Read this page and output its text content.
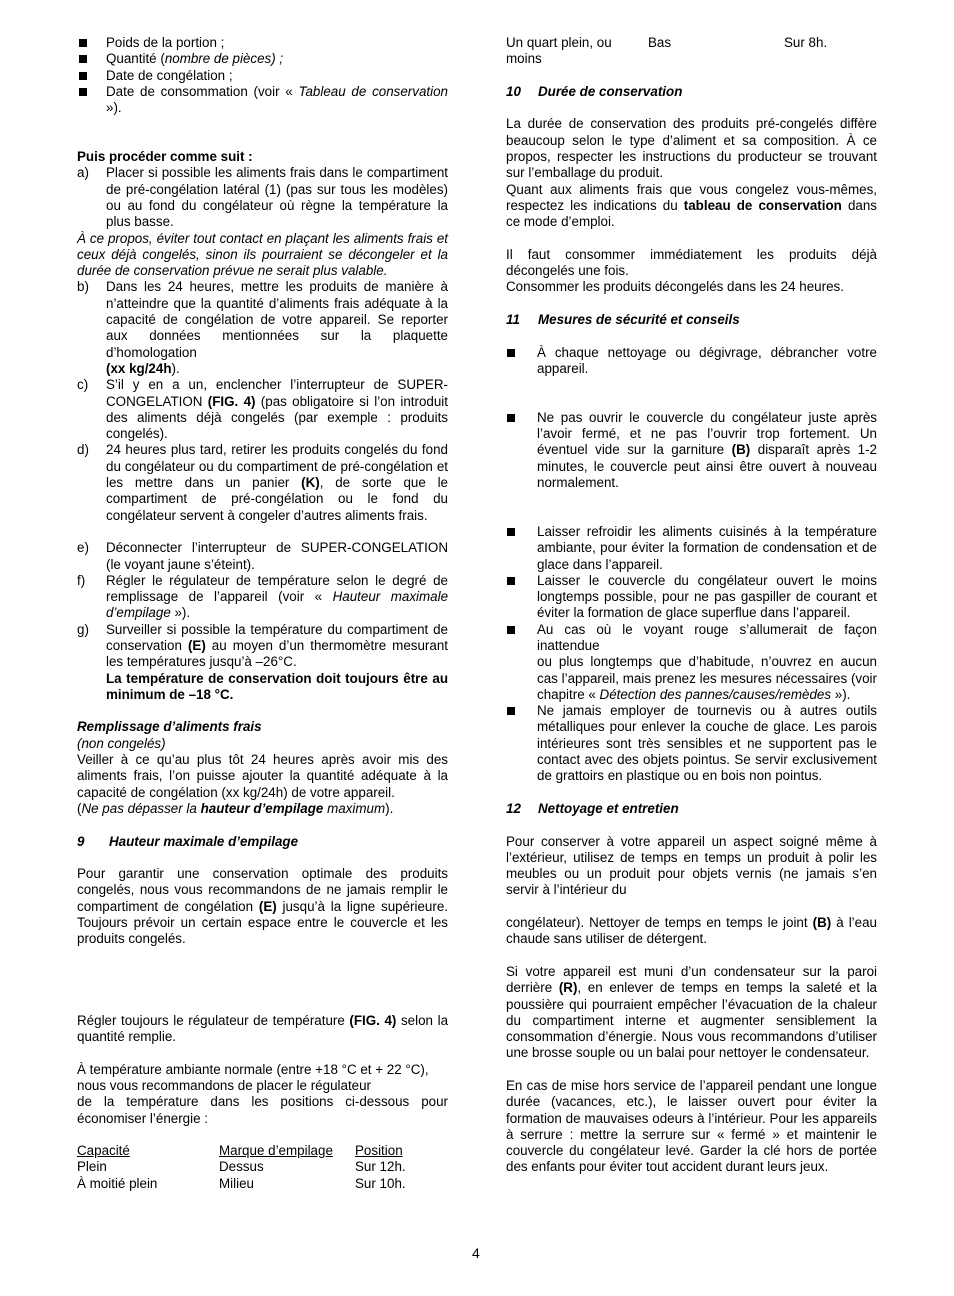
Poids de la portion ;
Quantité (nombre de pièces) ;
Date de congélation ;
Date de consommation (voir « Tableau de conservation »).

Puis procéder comme suit :

a) Placer si possible les aliments frais dans le compartiment de pré-congélation latéral (1) (pas sur tous les modèles) ou au fond du congélateur où règne la température la plus basse.

À ce propos, éviter tout contact en plaçant les aliments frais et ceux déjà congelés, sinon ils pourraient se décongeler et la durée de conservation prévue ne serait plus valable.

b) Dans les 24 heures, mettre les produits de manière à n’atteindre que la quantité d’aliments frais adéquate à la capacité de congélation de votre appareil. Se reporter aux données mentionnées sur la plaquette d’homologation
(xx kg/24h).
c) S’il y en a un, enclencher l’interrupteur de SUPER-CONGELATION (FIG. 4) (pas obligatoire si l’on introduit des aliments déjà congelés (par exemple : produits congelés).
d) 24 heures plus tard, retirer les produits congelés du fond du congélateur ou du compartiment de pré-congélation et les mettre dans un panier (K), de sorte que le compartiment de pré-congélation ou le fond du congélateur servent à congeler d’autres aliments frais.
e) Déconnecter l’interrupteur de SUPER-CONGELATION (le voyant jaune s’éteint).
f) Régler le régulateur de température selon le degré de remplissage de l’appareil (voir « Hauteur maximale d’empilage »).
g) Surveiller si possible la température du compartiment de conservation (E) au moyen d’un thermomètre mesurant les températures jusqu’à –26°C.
La température de conservation doit toujours être au minimum de –18 °C.

Remplissage d’aliments frais

(non congelés)

Veiller à ce qu’au plus tôt 24 heures après avoir mis des aliments frais, l’on puisse ajouter la quantité adéquate à la capacité de congélation (xx kg/24h) de votre appareil.

(Ne pas dépasser la hauteur d’empilage maximum).

9 Hauteur maximale d’empilage

Pour garantir une conservation optimale des produits congelés, nous vous recommandons de ne jamais remplir le compartiment de congélation (E) jusqu’à la ligne supérieure. Toujours prévoir un certain espace entre le couvercle et les produits congelés.

Régler toujours le régulateur de température (FIG. 4) selon la quantité remplie.

À température ambiante normale (entre +18 °C et + 22 °C), nous vous recommandons de placer le régulateur

de la température dans les positions ci-dessous pour économiser l’énergie :

Capacité	Marque d’empilage Position
Plein	Dessus	Sur 12h.
À moitié plein	Milieu	Sur 10h.
Un quart plein, ou	Bas	Sur 8h.
moins

10 Durée de conservation

La durée de conservation des produits pré-congelés diffère beaucoup selon le type d’aliment et sa composition. À ce propos, respecter les instructions du producteur se trouvant sur l’emballage du produit.

Quant aux aliments frais que vous congelez vous-mêmes, respectez les indications du tableau de conservation dans ce mode d’emploi.

Il faut consommer immédiatement les produits déjà décongelés une fois.

Consommer les produits décongelés dans les 24 heures.

11 Mesures de sécurité et conseils

À chaque nettoyage ou dégivrage, débrancher votre appareil.
Ne pas ouvrir le couvercle du congélateur juste après l’avoir fermé, et ne pas l’ouvrir trop fortement. Un éventuel vide sur la garniture (B) disparaît après 1-2 minutes, le couvercle peut ainsi être ouvert à nouveau normalement.
Laisser refroidir les aliments cuisinés à la température ambiante, pour éviter la formation de condensation et de glace dans l’appareil.
Laisser le couvercle du congélateur ouvert le moins longtemps possible, pour ne pas gaspiller de courant et éviter la formation de glace superflue dans l’appareil.
Au cas où le voyant rouge s’allumerait de façon inattendue
ou plus longtemps que d’habitude, n’ouvrez en aucun cas l’appareil, mais prenez les mesures nécessaires (voir chapitre « Détection des pannes/causes/remèdes »).
Ne jamais employer de tournevis ou à autres outils métalliques pour enlever la couche de glace. Les parois intérieures sont très sensibles et ne supportent pas le contact avec des objets pointus. Se servir exclusivement de grattoirs en plastique ou en bois non pointus.

12 Nettoyage et entretien

Pour conserver à votre appareil un aspect soigné même à l’extérieur, utilisez de temps en temps un produit à polir les meubles ou un produit pour objets vernis (ne jamais s’en servir à l’intérieur du

congélateur). Nettoyer de temps en temps le joint (B) à l’eau chaude sans utiliser de détergent.

Si votre appareil est muni d’un condensateur sur la paroi derrière (R), en enlever de temps en temps la saleté et la poussière qui pourraient empêcher l’évacuation de la chaleur du compartiment interne et augmenter sensiblement la consommation d’énergie. Nous vous recommandons d’utiliser une brosse souple ou un balai pour nettoyer le condensateur.

En cas de mise hors service de l’appareil pendant une longue durée (vacances, etc.), le laisser ouvert pour éviter la formation de mauvaises odeurs à l’intérieur. Pour les appareils à serrure : mettre la serrure sur « fermé » et maintenir le couvercle du congélateur levé. Garder la clé hors de portée des enfants pour éviter tout accident durant leurs jeux.

4
